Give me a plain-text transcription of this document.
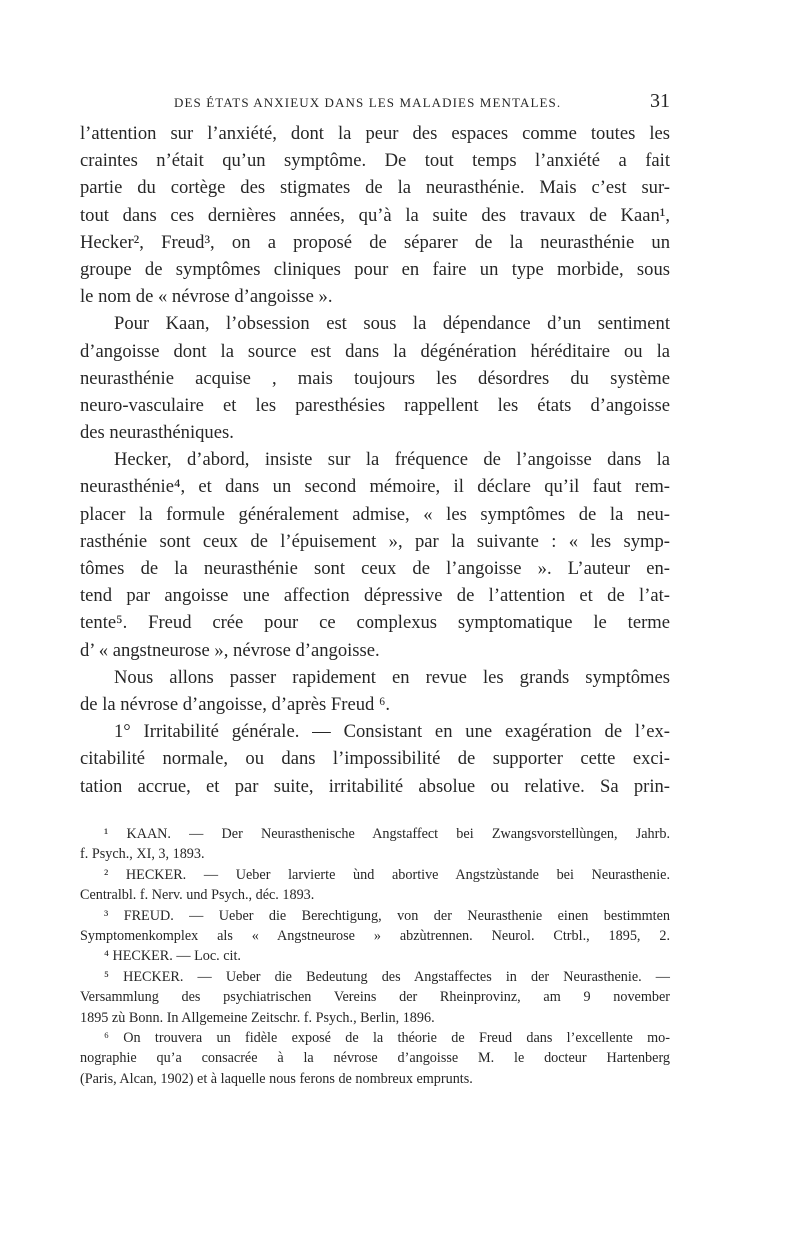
DES ÉTATS ANXIEUX DANS LES MALADIES MENTALES.	31
l’attention sur l’anxiété, dont la peur des espaces comme toutes les
craintes n’était qu’un symptôme. De tout temps l’anxiété a fait
partie du cortège des stigmates de la neurasthénie. Mais c’est sur-
tout dans ces dernières années, qu’à la suite des travaux de Kaan¹,
Hecker², Freud³, on a proposé de séparer de la neurasthénie un
groupe de symptômes cliniques pour en faire un type morbide, sous
le nom de « névrose d’angoisse ».
Pour Kaan, l’obsession est sous la dépendance d’un sentiment
d’angoisse dont la source est dans la dégénération héréditaire ou la
neurasthénie acquise , mais toujours les désordres du système
neuro-vasculaire et les paresthésies rappellent les états d’angoisse
des neurasthéniques.
Hecker, d’abord, insiste sur la fréquence de l’angoisse dans la
neurasthénie⁴, et dans un second mémoire, il déclare qu’il faut rem-
placer la formule généralement admise, « les symptômes de la neu-
rasthénie sont ceux de l’épuisement », par la suivante : « les symp-
tômes de la neurasthénie sont ceux de l’angoisse ». L’auteur en-
tend par angoisse une affection dépressive de l’attention et de l’at-
tente⁵. Freud crée pour ce complexus symptomatique le terme
d’ « angstneurose », névrose d’angoisse.
Nous allons passer rapidement en revue les grands symptômes
de la névrose d’angoisse, d’après Freud ⁶.
1° Irritabilité générale. — Consistant en une exagération de l’ex-
citabilité normale, ou dans l’impossibilité de supporter cette exci-
tation accrue, et par suite, irritabilité absolue ou relative. Sa prin-
¹ KAAN. — Der Neurasthenische Angstaffect bei Zwangsvorstellùngen, Jahrb.
f. Psych., XI, 3, 1893.
² HECKER. — Ueber larvierte ùnd abortive Angstzùstande bei Neurasthenie.
Centralbl. f. Nerv. und Psych., déc. 1893.
³ FREUD. — Ueber die Berechtigung, von der Neurasthenie einen bestimmten
Symptomenkomplex als « Angstneurose » abzùtrennen. Neurol. Ctrbl., 1895, 2.
⁴ HECKER. — Loc. cit.
⁵ HECKER. — Ueber die Bedeutung des Angstaffectes in der Neurasthenie. —
Versammlung des psychiatrischen Vereins der Rheinprovinz, am 9 november
1895 zù Bonn. In Allgemeine Zeitschr. f. Psych., Berlin, 1896.
⁶ On trouvera un fidèle exposé de la théorie de Freud dans l’excellente mo-
nographie qu’a consacrée à la névrose d’angoisse M. le docteur Hartenberg
(Paris, Alcan, 1902) et à laquelle nous ferons de nombreux emprunts.
